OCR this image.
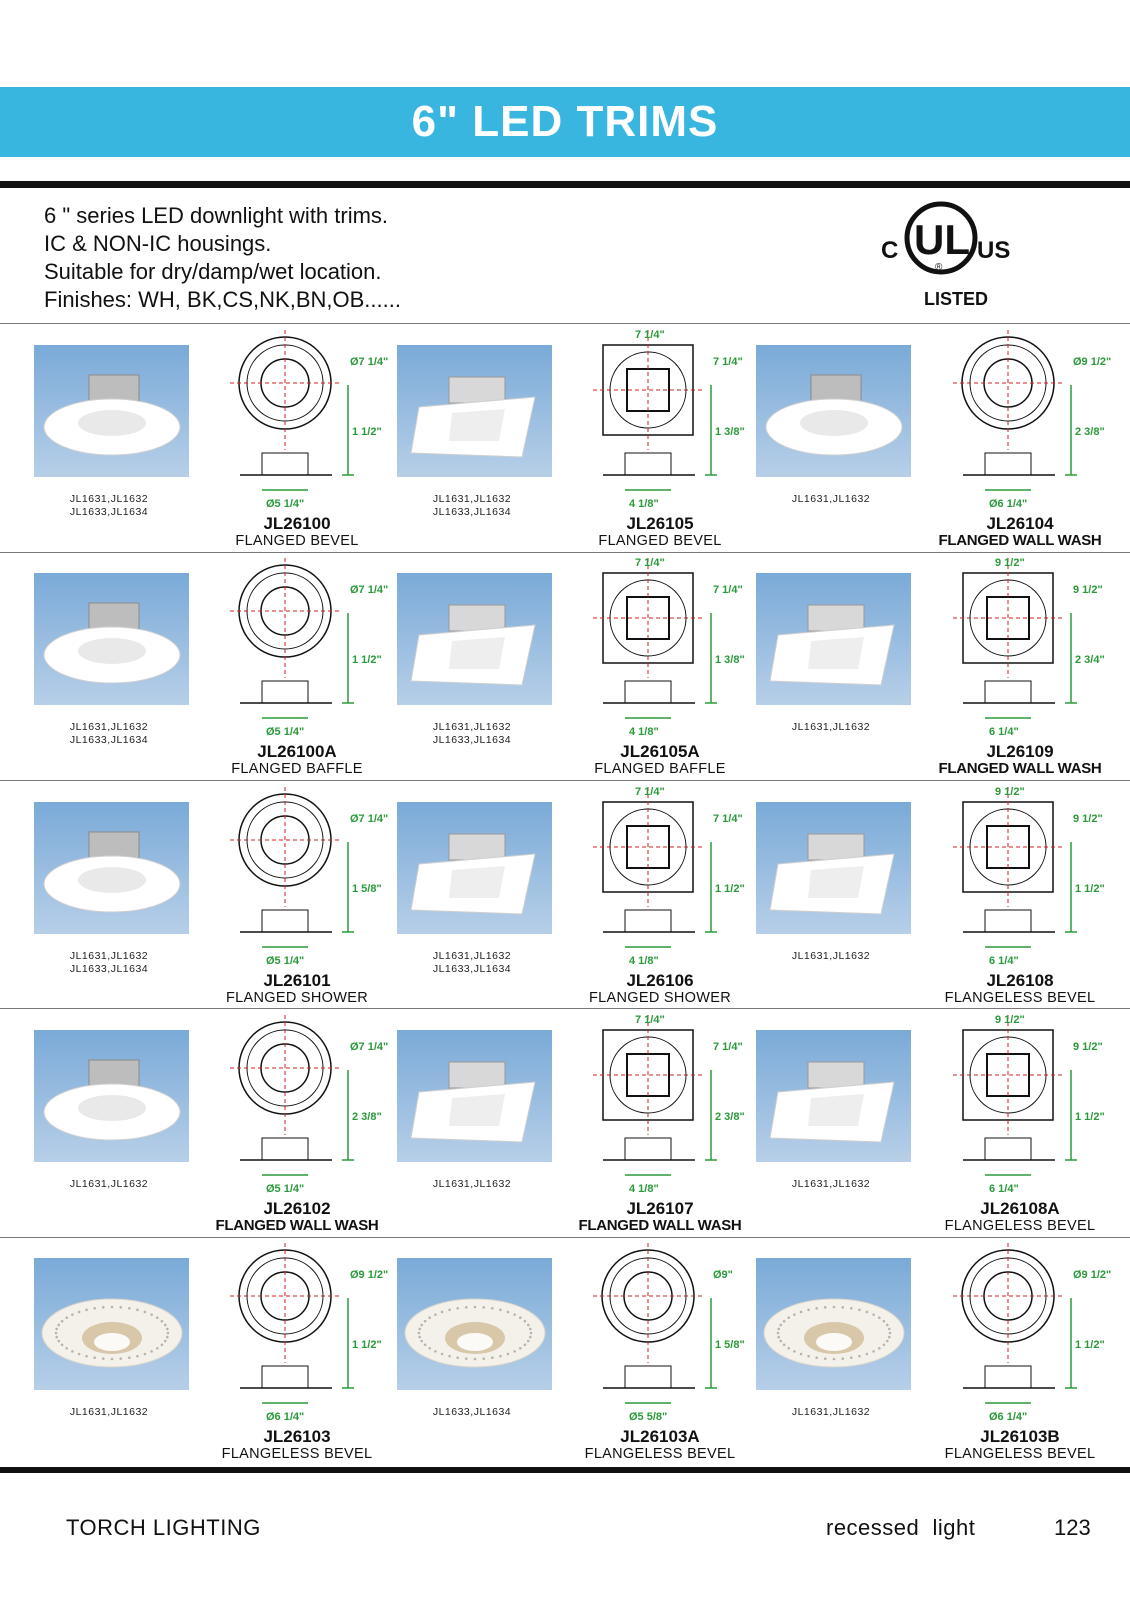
6" LED TRIMS
6 " series LED downlight with trims.
IC & NON-IC housings.
Suitable for dry/damp/wet location.
Finishes: WH, BK,CS,NK,BN,OB......
C UL
®
US
LISTED
JL1631,JL1632
JL1633,JL1634
Ø7 1/4"
1 1/2"
Ø5 1/4"
JL26100
FLANGED BEVEL
JL1631,JL1632
JL1633,JL1634
7 1/4"
7 1/4"
1 3/8"
4 1/8"
JL26105
FLANGED BEVEL
JL1631,JL1632
Ø9 1/2"
2 3/8"
Ø6 1/4"
JL26104
FLANGED WALL WASH
JL1631,JL1632
JL1633,JL1634
Ø7 1/4"
1 1/2"
Ø5 1/4"
JL26100A
FLANGED BAFFLE
JL1631,JL1632
JL1633,JL1634
7 1/4"
7 1/4"
1 3/8"
4 1/8"
JL26105A
FLANGED BAFFLE
JL1631,JL1632
9 1/2"
9 1/2"
2 3/4"
6 1/4"
JL26109
FLANGED WALL WASH
JL1631,JL1632
JL1633,JL1634
Ø7 1/4"
1 5/8"
Ø5 1/4"
JL26101
FLANGED SHOWER
JL1631,JL1632
JL1633,JL1634
7 1/4"
7 1/4"
1 1/2"
4 1/8"
JL26106
FLANGED SHOWER
JL1631,JL1632
9 1/2"
9 1/2"
1 1/2"
6 1/4"
JL26108
FLANGELESS BEVEL
JL1631,JL1632
Ø7 1/4"
2 3/8"
Ø5 1/4"
JL26102
FLANGED WALL WASH
JL1631,JL1632
7 1/4"
7 1/4"
2 3/8"
4 1/8"
JL26107
FLANGED WALL WASH
JL1631,JL1632
9 1/2"
9 1/2"
1 1/2"
6 1/4"
JL26108A
FLANGELESS BEVEL
JL1631,JL1632
Ø9 1/2"
1 1/2"
Ø6 1/4"
JL26103
FLANGELESS BEVEL
JL1633,JL1634
Ø9"
1 5/8"
Ø5 5/8"
JL26103A
FLANGELESS BEVEL
JL1631,JL1632
Ø9 1/2"
1 1/2"
Ø6 1/4"
JL26103B
FLANGELESS BEVEL
TORCH LIGHTING	recessed  light	123
